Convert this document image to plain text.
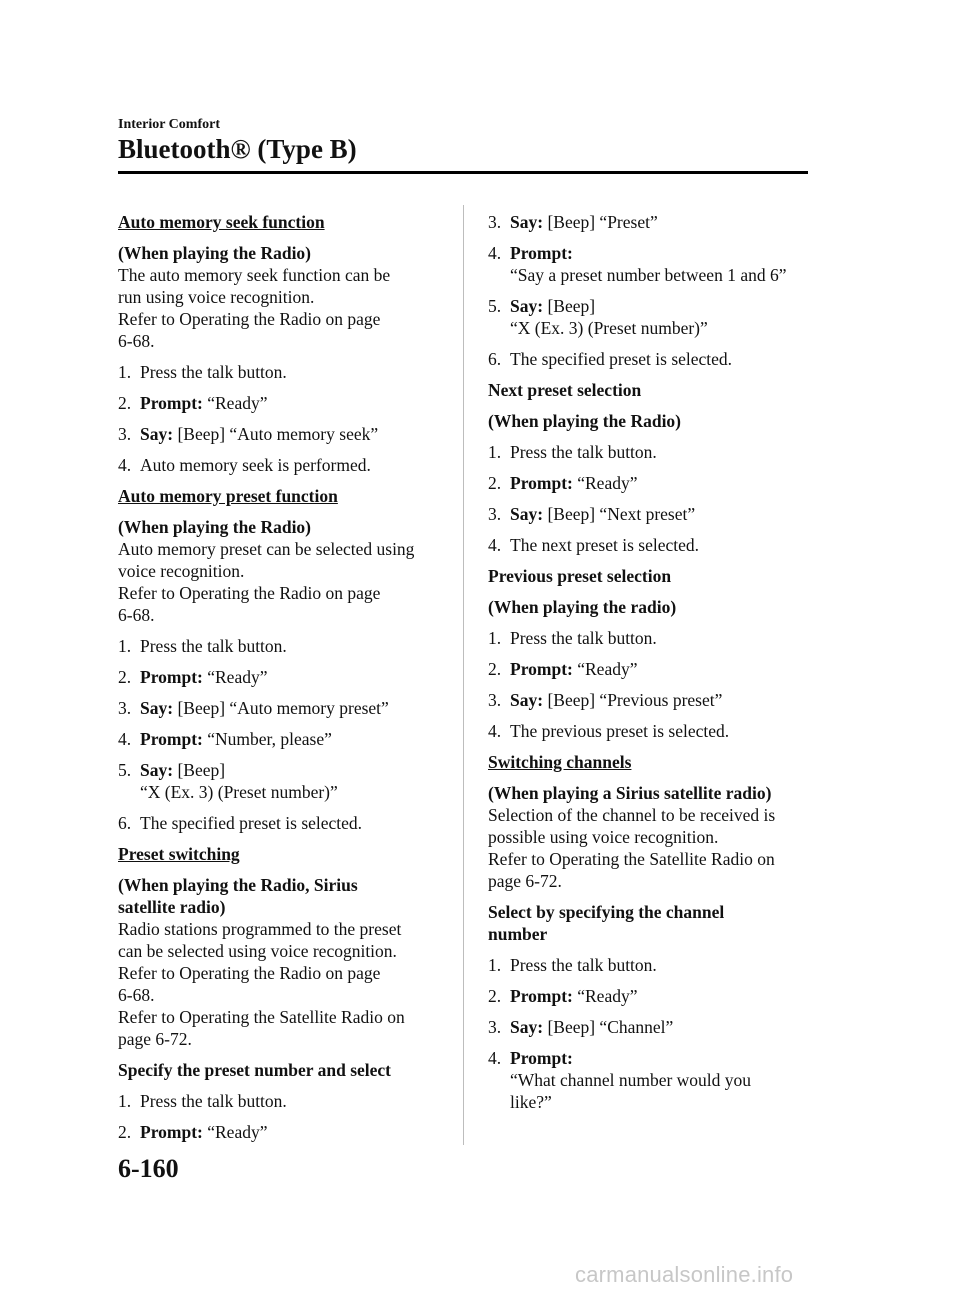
Interior Comfort
Bluetooth® (Type B)

Auto memory seek function

(When playing the Radio)

The auto memory seek function can be
run using voice recognition.
Refer to Operating the Radio on page
6-68.

1. Press the talk button.

2. Prompt: “Ready”

3. Say: [Beep] “Auto memory seek”

4. Auto memory seek is performed.

Auto memory preset function

(When playing the Radio)

Auto memory preset can be selected using
voice recognition.
Refer to Operating the Radio on page
6-68.

1. Press the talk button.

2. Prompt: “Ready”

3. Say: [Beep] “Auto memory preset”

4. Prompt: “Number, please”

5. Say: [Beep]
“X (Ex. 3) (Preset number)”

6. The specified preset is selected.

Preset switching

(When playing the Radio, Sirius
satellite radio)

Radio stations programmed to the preset
can be selected using voice recognition.
Refer to Operating the Radio on page
6-68.
Refer to Operating the Satellite Radio on
page 6-72.

Specify the preset number and select

1. Press the talk button.

2. Prompt: “Ready”

3. Say: [Beep] “Preset”

4. Prompt:
“Say a preset number between 1 and 6”

5. Say: [Beep]
“X (Ex. 3) (Preset number)”

6. The specified preset is selected.

Next preset selection

(When playing the Radio)

1. Press the talk button.

2. Prompt: “Ready”

3. Say: [Beep] “Next preset”

4. The next preset is selected.

Previous preset selection

(When playing the radio)

1. Press the talk button.

2. Prompt: “Ready”

3. Say: [Beep] “Previous preset”

4. The previous preset is selected.

Switching channels

(When playing a Sirius satellite radio)

Selection of the channel to be received is
possible using voice recognition.
Refer to Operating the Satellite Radio on
page 6-72.

Select by specifying the channel
number

1. Press the talk button.

2. Prompt: “Ready”

3. Say: [Beep] “Channel”

4. Prompt:
“What channel number would you
like?”

6-160
carmanualsonline.info
